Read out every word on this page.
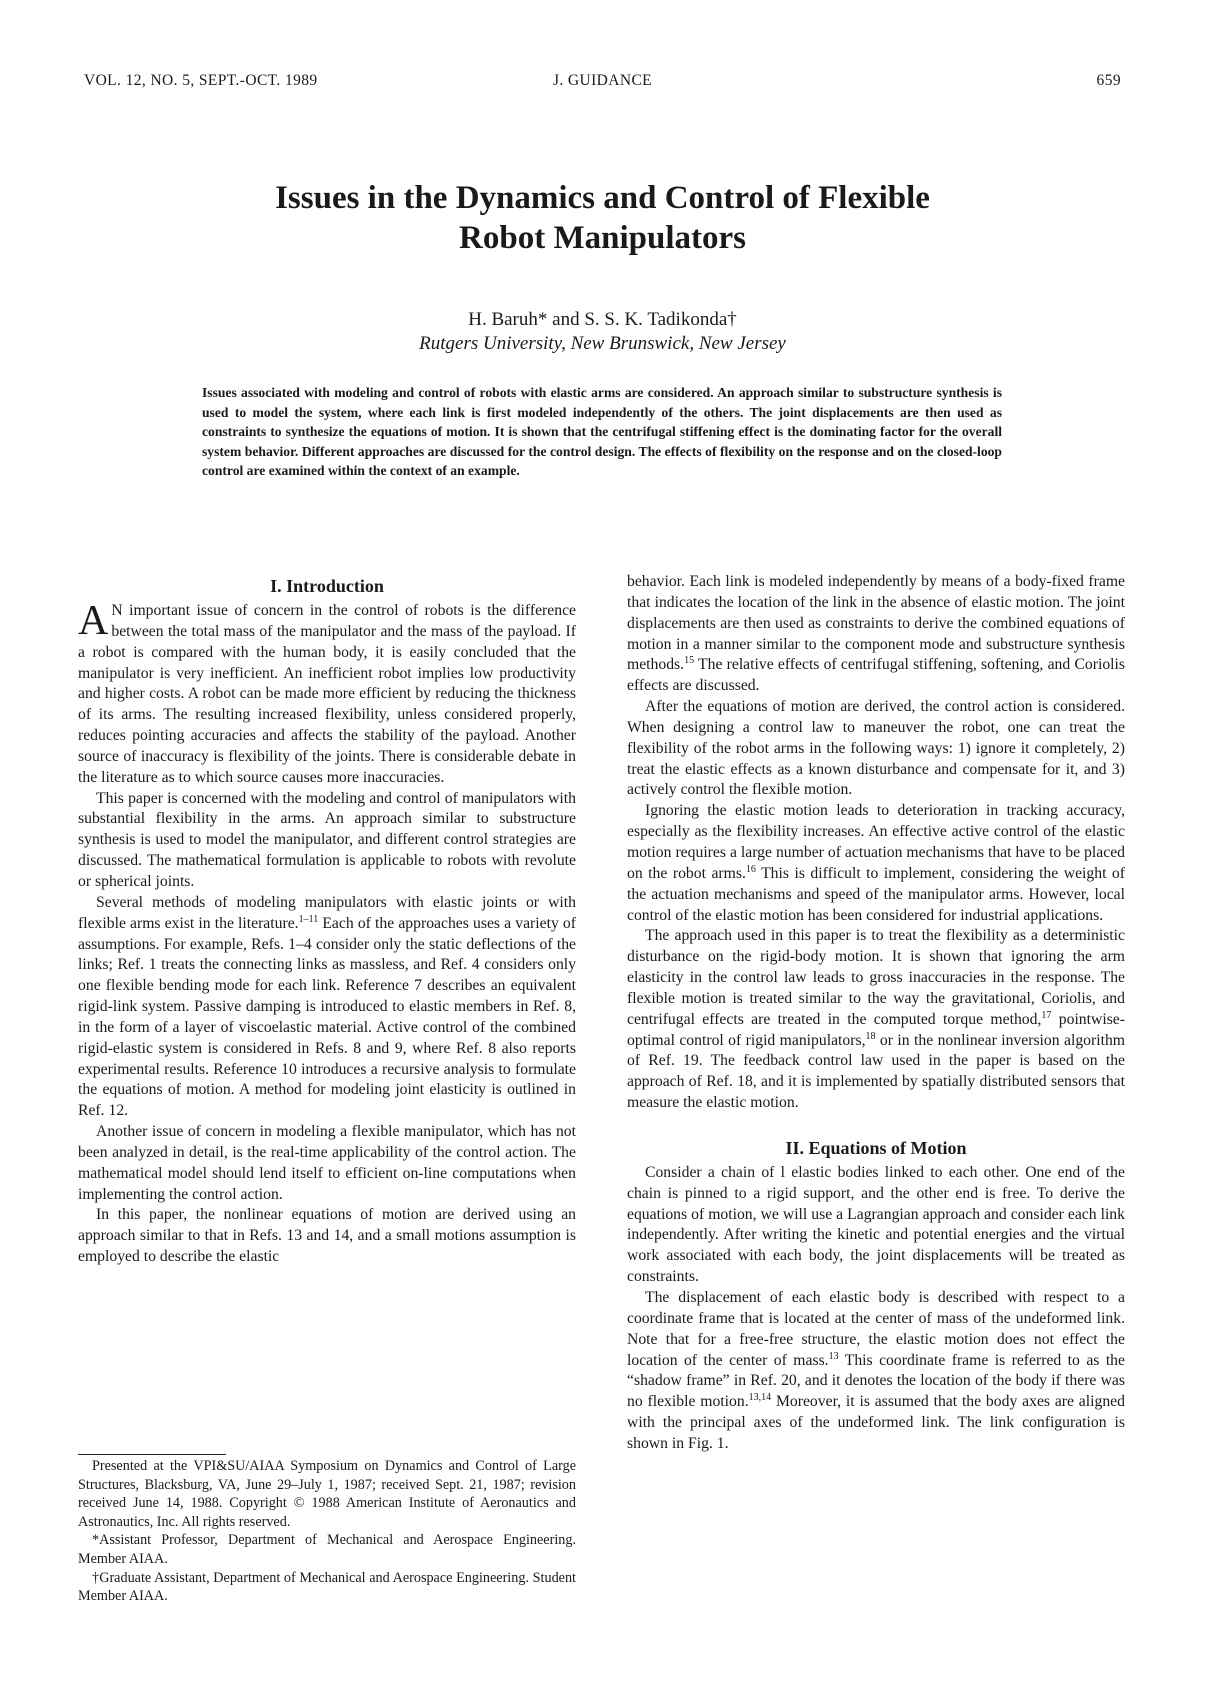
VOL. 12, NO. 5, SEPT.-OCT. 1989	J. GUIDANCE	659
Issues in the Dynamics and Control of Flexible
Robot Manipulators
H. Baruh* and S. S. K. Tadikonda†
Rutgers University, New Brunswick, New Jersey
Issues associated with modeling and control of robots with elastic arms are considered. An approach similar to substructure synthesis is used to model the system, where each link is first modeled independently of the others. The joint displacements are then used as constraints to synthesize the equations of motion. It is shown that the centrifugal stiffening effect is the dominating factor for the overall system behavior. Different approaches are discussed for the control design. The effects of flexibility on the response and on the closed-loop control are examined within the context of an example.
I. Introduction

A N important issue of concern in the control of robots is the difference between the total mass of the manipulator and the mass of the payload. If a robot is compared with the human body, it is easily concluded that the manipulator is very inefficient. An inefficient robot implies low productivity and higher costs. A robot can be made more efficient by reducing the thickness of its arms. The resulting increased flexibility, unless considered properly, reduces pointing accuracies and affects the stability of the payload. Another source of inaccuracy is flexibility of the joints. There is considerable debate in the literature as to which source causes more inaccuracies.

This paper is concerned with the modeling and control of manipulators with substantial flexibility in the arms. An approach similar to substructure synthesis is used to model the manipulator, and different control strategies are discussed. The mathematical formulation is applicable to robots with revolute or spherical joints.

Several methods of modeling manipulators with elastic joints or with flexible arms exist in the literature.$^{1-11}$ Each of the approaches uses a variety of assumptions. For example, Refs. 1–4 consider only the static deflections of the links; Ref. 1 treats the connecting links as massless, and Ref. 4 considers only one flexible bending mode for each link. Reference 7 describes an equivalent rigid-link system. Passive damping is introduced to elastic members in Ref. 8, in the form of a layer of viscoelastic material. Active control of the combined rigid-elastic system is considered in Refs. 8 and 9, where Ref. 8 also reports experimental results. Reference 10 introduces a recursive analysis to formulate the equations of motion. A method for modeling joint elasticity is outlined in Ref. 12.

Another issue of concern in modeling a flexible manipulator, which has not been analyzed in detail, is the real-time applicability of the control action. The mathematical model should lend itself to efficient on-line computations when implementing the control action.

In this paper, the nonlinear equations of motion are derived using an approach similar to that in Refs. 13 and 14, and a small motions assumption is employed to describe the elastic

behavior. Each link is modeled independently by means of a body-fixed frame that indicates the location of the link in the absence of elastic motion. The joint displacements are then used as constraints to derive the combined equations of motion in a manner similar to the component mode and substructure synthesis methods.$^{15}$ The relative effects of centrifugal stiffening, softening, and Coriolis effects are discussed.

After the equations of motion are derived, the control action is considered. When designing a control law to maneuver the robot, one can treat the flexibility of the robot arms in the following ways: 1) ignore it completely, 2) treat the elastic effects as a known disturbance and compensate for it, and 3) actively control the flexible motion.

Ignoring the elastic motion leads to deterioration in tracking accuracy, especially as the flexibility increases. An effective active control of the elastic motion requires a large number of actuation mechanisms that have to be placed on the robot arms.$^{16}$ This is difficult to implement, considering the weight of the actuation mechanisms and speed of the manipulator arms. However, local control of the elastic motion has been considered for industrial applications.

The approach used in this paper is to treat the flexibility as a deterministic disturbance on the rigid-body motion. It is shown that ignoring the arm elasticity in the control law leads to gross inaccuracies in the response. The flexible motion is treated similar to the way the gravitational, Coriolis, and centrifugal effects are treated in the computed torque method,$^{17}$ pointwise-optimal control of rigid manipulators,$^{18}$ or in the nonlinear inversion algorithm of Ref. 19. The feedback control law used in the paper is based on the approach of Ref. 18, and it is implemented by spatially distributed sensors that measure the elastic motion.

II. Equations of Motion

Consider a chain of l elastic bodies linked to each other. One end of the chain is pinned to a rigid support, and the other end is free. To derive the equations of motion, we will use a Lagrangian approach and consider each link independently. After writing the kinetic and potential energies and the virtual work associated with each body, the joint displacements will be treated as constraints.

The displacement of each elastic body is described with respect to a coordinate frame that is located at the center of mass of the undeformed link. Note that for a free-free structure, the elastic motion does not effect the location of the center of mass.$^{13}$ This coordinate frame is referred to as the “shadow frame” in Ref. 20, and it denotes the location of the body if there was no flexible motion.$^{13,14}$ Moreover, it is assumed that the body axes are aligned with the principal axes of the undeformed link. The link configuration is shown in Fig. 1.

Presented at the VPI&SU/AIAA Symposium on Dynamics and Control of Large Structures, Blacksburg, VA, June 29–July 1, 1987; received Sept. 21, 1987; revision received June 14, 1988. Copyright © 1988 American Institute of Aeronautics and Astronautics, Inc. All rights reserved.

*Assistant Professor, Department of Mechanical and Aerospace Engineering. Member AIAA.

†Graduate Assistant, Department of Mechanical and Aerospace Engineering. Student Member AIAA.
